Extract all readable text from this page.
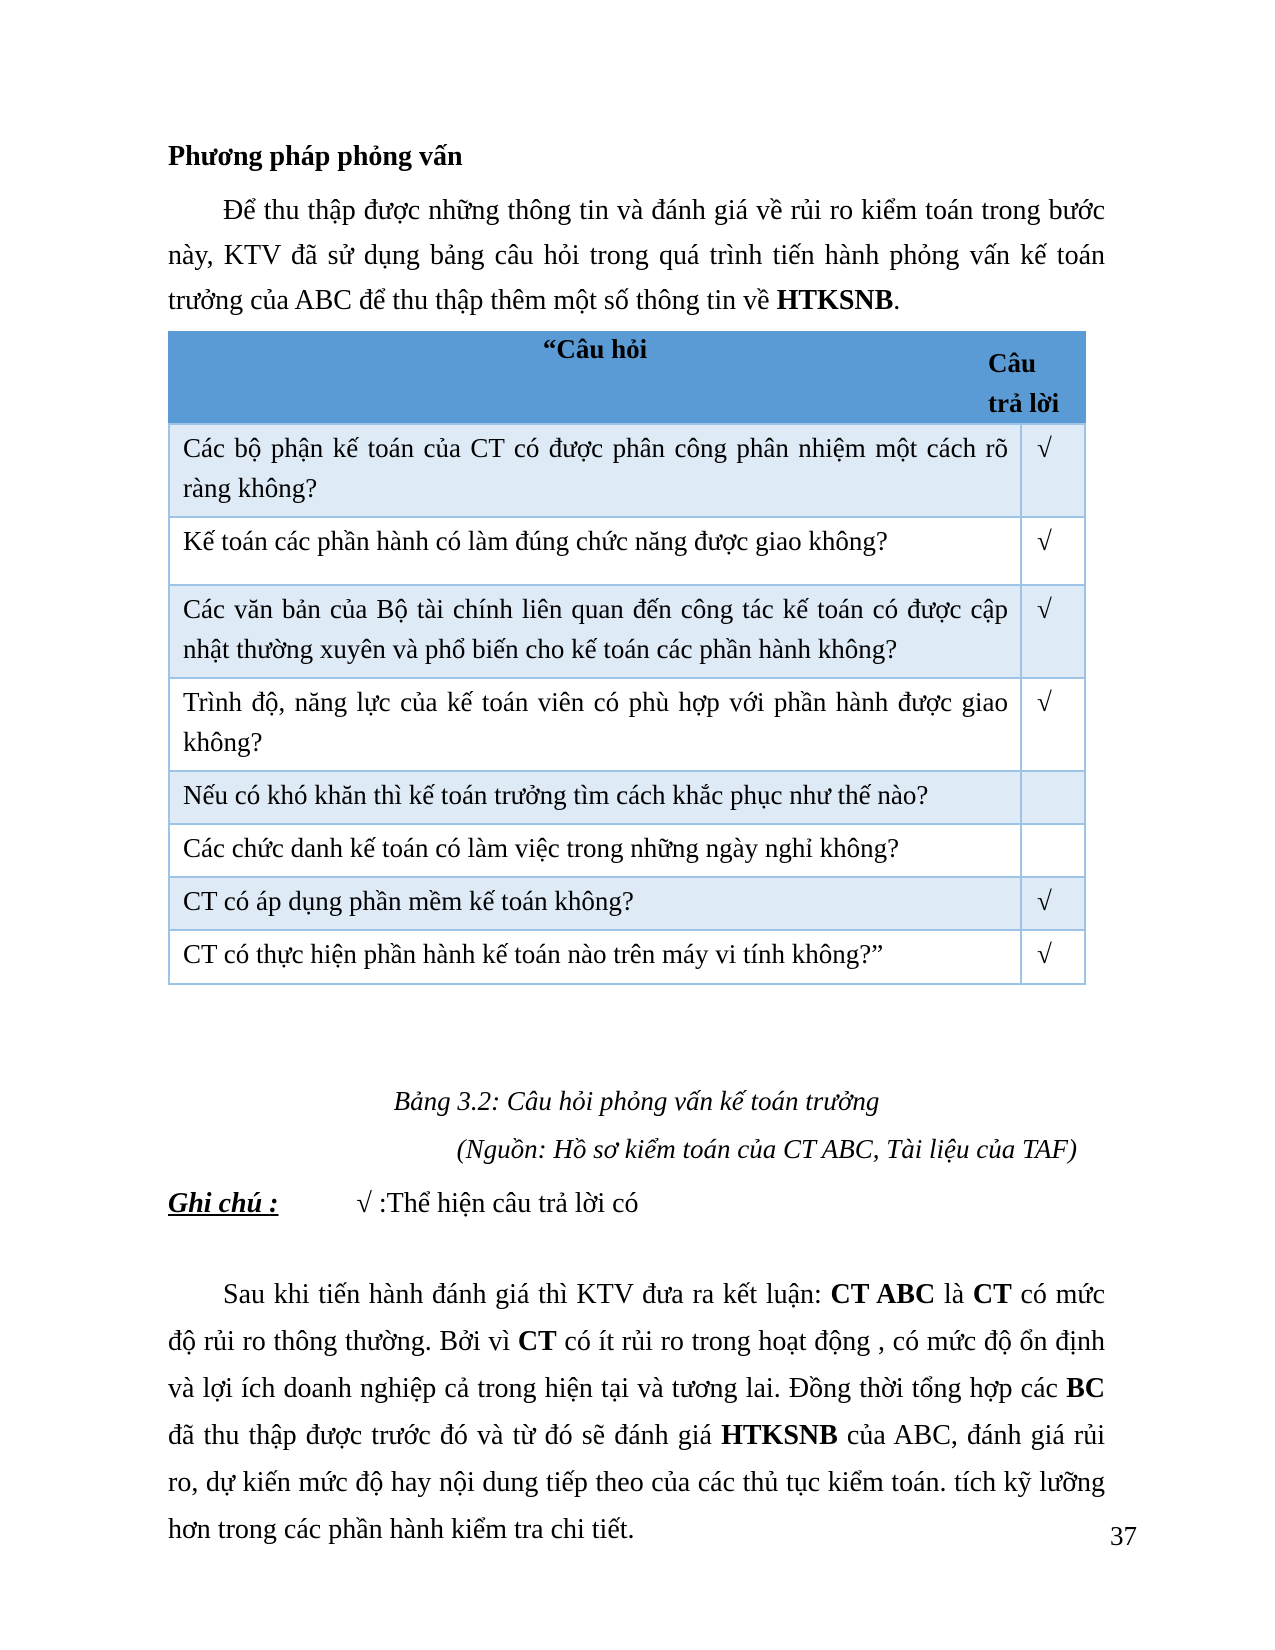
Phương pháp phỏng vấn

Để thu thập được những thông tin và đánh giá về rủi ro kiểm toán trong bước này, KTV đã sử dụng bảng câu hỏi trong quá trình tiến hành phỏng vấn kế toán trưởng của ABC để thu thập thêm một số thông tin về HTKSNB.

“Câu hỏi	Câu
trả lời

Các bộ phận kế toán của CT có được phân công phân nhiệm một cách rõ ràng không?	√
Kế toán các phần hành có làm đúng chức năng được giao không?	√
Các văn bản của Bộ tài chính liên quan đến công tác kế toán có được cập nhật thường xuyên và phổ biến cho kế toán các phần hành không?	√
Trình độ, năng lực của kế toán viên có phù hợp với phần hành được giao không?	√
Nếu có khó khăn thì kế toán trưởng tìm cách khắc phục như thế nào?	
Các chức danh kế toán có làm việc trong những ngày nghỉ không?	
CT có áp dụng phần mềm kế toán không?	√
CT có thực hiện phần hành kế toán nào trên máy vi tính không?”	√
Bảng 3.2: Câu hỏi phỏng vấn kế toán trưởng
(Nguồn: Hồ sơ kiểm toán của CT ABC, Tài liệu của TAF)
Ghi chú :	√ :Thể hiện câu trả lời có

Sau khi tiến hành đánh giá thì KTV đưa ra kết luận: CT ABC là CT có mức độ rủi ro thông thường. Bởi vì CT có ít rủi ro trong hoạt động , có mức độ ổn định và lợi ích doanh nghiệp cả trong hiện tại và tương lai. Đồng thời tổng hợp các BC đã thu thập được trước đó và từ đó sẽ đánh giá HTKSNB của ABC, đánh giá rủi ro, dự kiến mức độ hay nội dung tiếp theo của các thủ tục kiểm toán. tích kỹ lưỡng hơn trong các phần hành kiểm tra chi tiết.	37
